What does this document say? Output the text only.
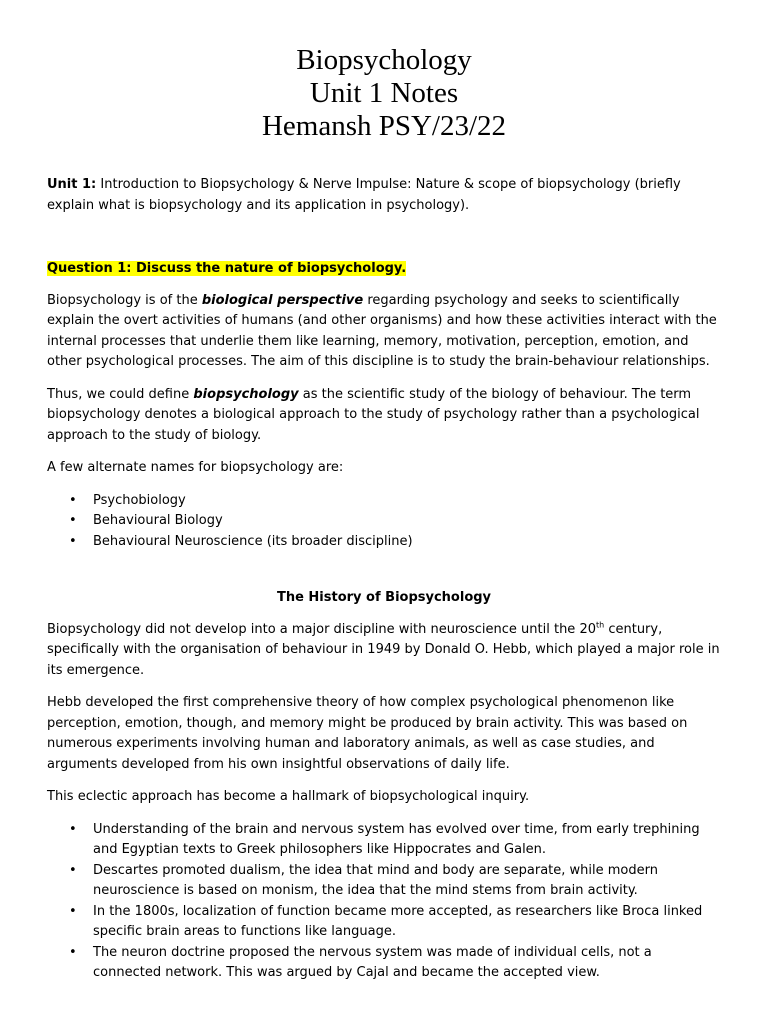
Biopsychology
Unit 1 Notes
Hemansh PSY/23/22

Unit 1: Introduction to Biopsychology & Nerve Impulse: Nature & scope of biopsychology (briefly explain what is biopsychology and its application in psychology).

Question 1: Discuss the nature of biopsychology.

Biopsychology is of the biological perspective regarding psychology and seeks to scientifically explain the overt activities of humans (and other organisms) and how these activities interact with the internal processes that underlie them like learning, memory, motivation, perception, emotion, and other psychological processes. The aim of this discipline is to study the brain-behaviour relationships.

Thus, we could define biopsychology as the scientific study of the biology of behaviour. The term biopsychology denotes a biological approach to the study of psychology rather than a psychological approach to the study of biology.

A few alternate names for biopsychology are:

• Psychobiology
• Behavioural Biology
• Behavioural Neuroscience (its broader discipline)
The History of Biopsychology

Biopsychology did not develop into a major discipline with neuroscience until the 20th century, specifically with the organisation of behaviour in 1949 by Donald O. Hebb, which played a major role in its emergence.

Hebb developed the first comprehensive theory of how complex psychological phenomenon like perception, emotion, though, and memory might be produced by brain activity. This was based on numerous experiments involving human and laboratory animals, as well as case studies, and arguments developed from his own insightful observations of daily life.

This eclectic approach has become a hallmark of biopsychological inquiry.

• Understanding of the brain and nervous system has evolved over time, from early trephining and Egyptian texts to Greek philosophers like Hippocrates and Galen.
• Descartes promoted dualism, the idea that mind and body are separate, while modern neuroscience is based on monism, the idea that the mind stems from brain activity.
• In the 1800s, localization of function became more accepted, as researchers like Broca linked specific brain areas to functions like language.
• The neuron doctrine proposed the nervous system was made of individual cells, not a connected network. This was argued by Cajal and became the accepted view.
